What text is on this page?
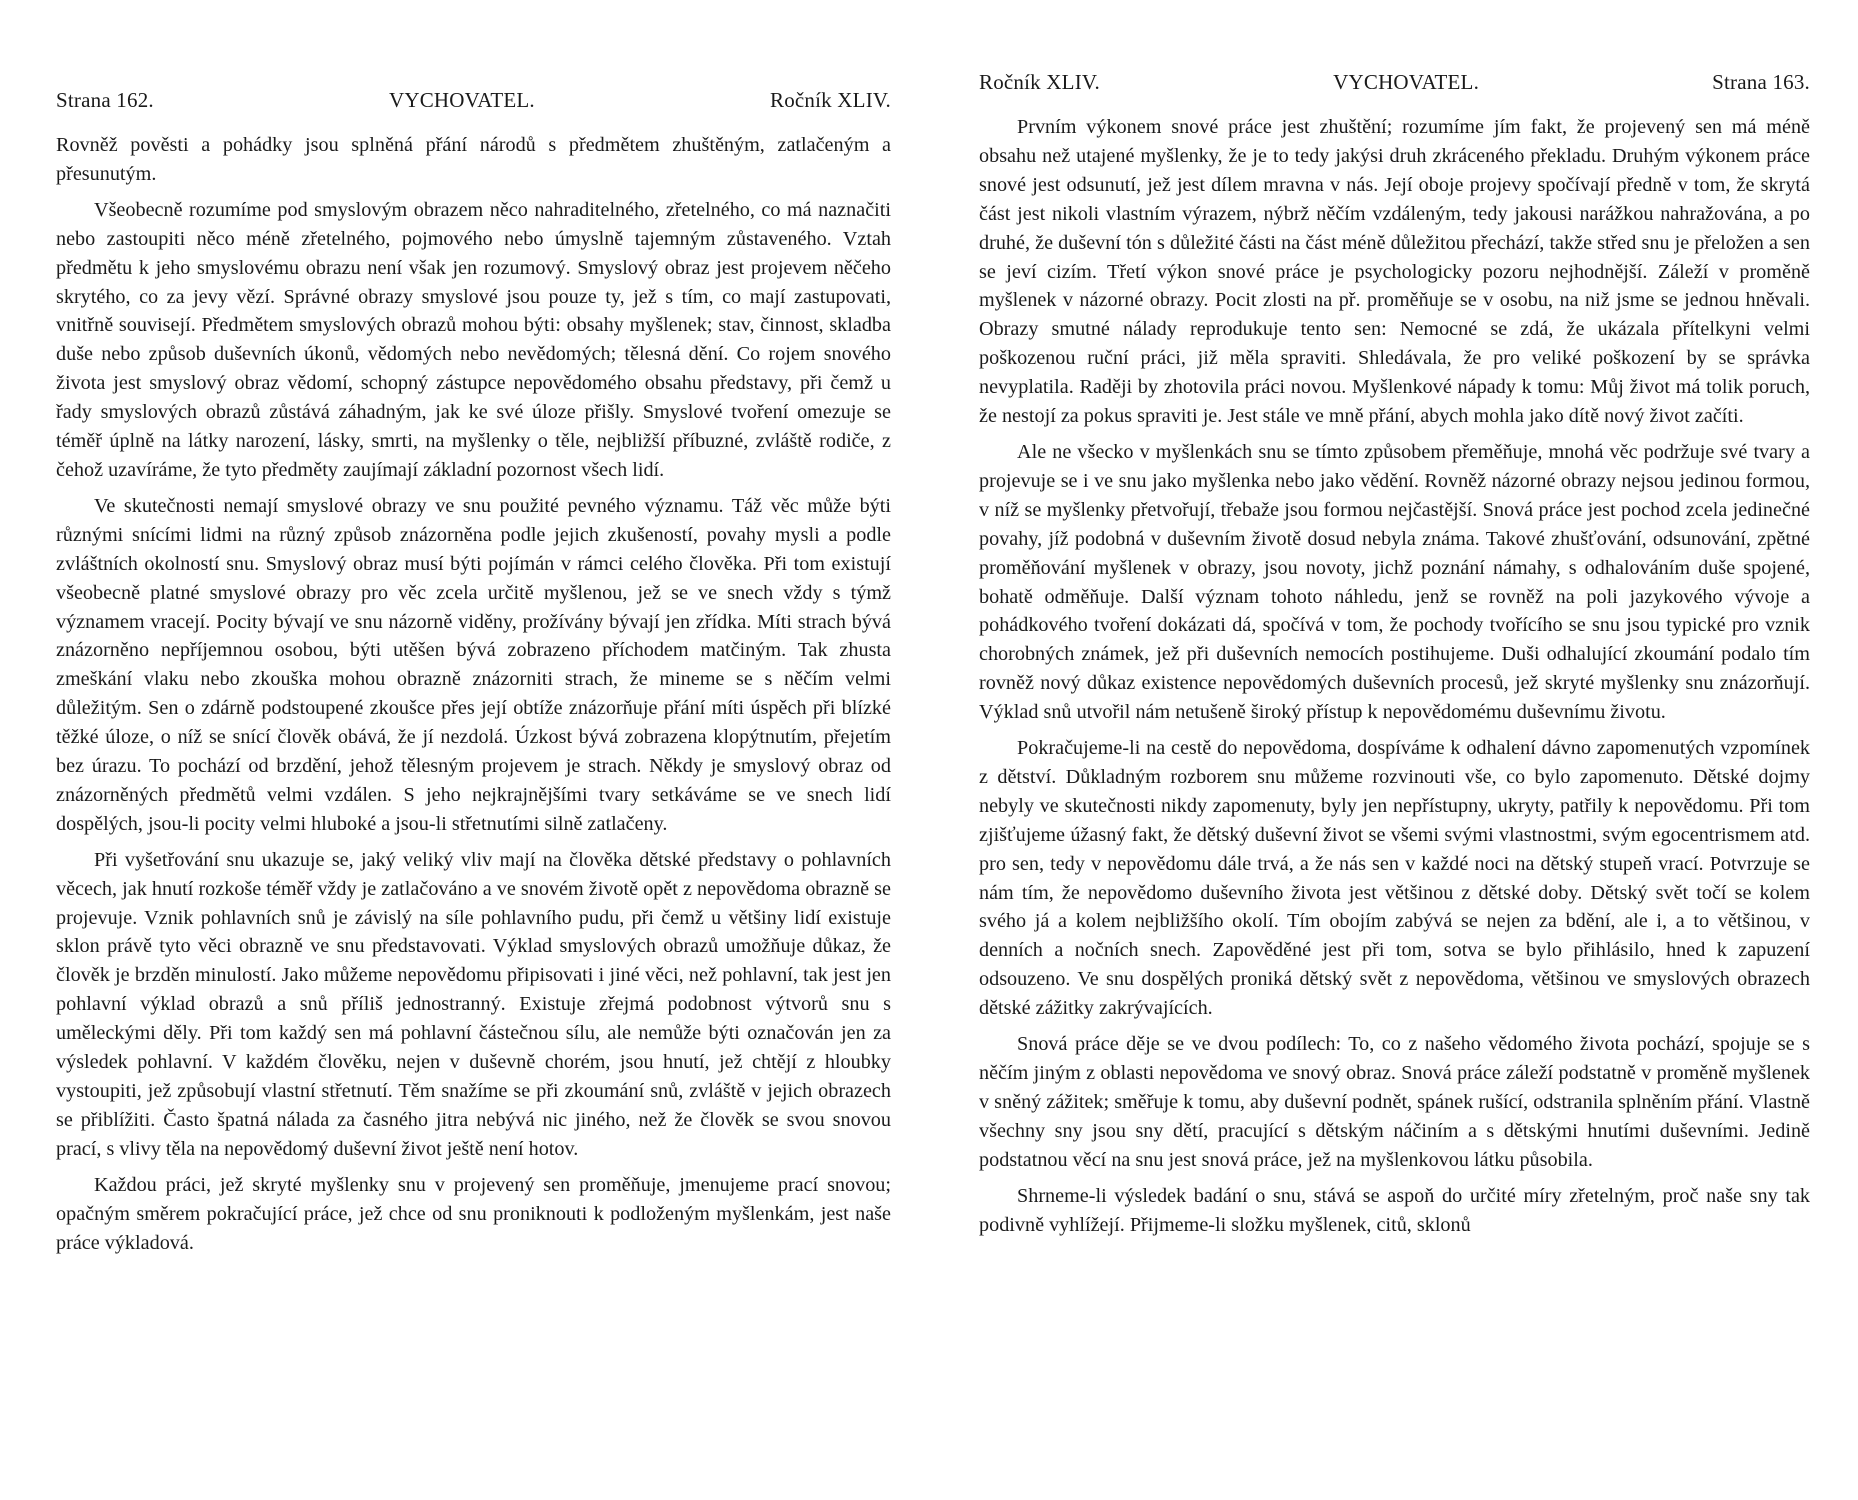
Strana 162.	VYCHOVATEL.	Ročník XLIV.

Rovněž pověsti a pohádky jsou splněná přání národů s předmětem zhuštěným, zatlačeným a přesunutým.

Všeobecně rozumíme pod smyslovým obrazem něco nahraditelného, zřetelného, co má naznačiti nebo zastoupiti něco méně zřetelného, pojmového nebo úmyslně tajemným zůstaveného. Vztah předmětu k jeho smyslovému obrazu není však jen rozumový. Smyslový obraz jest projevem něčeho skrytého, co za jevy vězí. Správné obrazy smyslové jsou pouze ty, jež s tím, co mají zastupovati, vnitřně souvisejí. Předmětem smyslových obrazů mohou býti: obsahy myšlenek; stav, činnost, skladba duše nebo způsob duševních úkonů, vědomých nebo nevědomých; tělesná dění. Co rojem snového života jest smyslový obraz vědomí, schopný zástupce nepovědomého obsahu představy, při čemž u řady smyslových obrazů zůstává záhadným, jak ke své úloze přišly. Smyslové tvoření omezuje se téměř úplně na látky narození, lásky, smrti, na myšlenky o těle, nejbližší příbuzné, zvláště rodiče, z čehož uzavíráme, že tyto předměty zaujímají základní pozornost všech lidí.

Ve skutečnosti nemají smyslové obrazy ve snu použité pevného významu. Táž věc může býti různými snícími lidmi na různý způsob znázorněna podle jejich zkušeností, povahy mysli a podle zvláštních okolností snu. Smyslový obraz musí býti pojímán v rámci celého člověka. Při tom existují všeobecně platné smyslové obrazy pro věc zcela určitě myšlenou, jež se ve snech vždy s týmž významem vracejí. Pocity bývají ve snu názorně viděny, prožívány bývají jen zřídka. Míti strach bývá znázorněno nepříjemnou osobou, býti utěšen bývá zobrazeno příchodem matčiným. Tak zhusta zmeškání vlaku nebo zkouška mohou obrazně znázorniti strach, že mineme se s něčím velmi důležitým. Sen o zdárně podstoupené zkoušce přes její obtíže znázorňuje přání míti úspěch při blízké těžké úloze, o níž se snící člověk obává, že jí nezdolá. Úzkost bývá zobrazena klopýtnutím, přejetím bez úrazu. To pochází od brzdění, jehož tělesným projevem je strach. Někdy je smyslový obraz od znázorněných předmětů velmi vzdálen. S jeho nejkrajnějšími tvary setkáváme se ve snech lidí dospělých, jsou-li pocity velmi hluboké a jsou-li střetnutími silně zatlačeny.

Při vyšetřování snu ukazuje se, jaký veliký vliv mají na člověka dětské představy o pohlavních věcech, jak hnutí rozkoše téměř vždy je zatlačováno a ve snovém životě opět z nepovědoma obrazně se projevuje. Vznik pohlavních snů je závislý na síle pohlavního pudu, při čemž u většiny lidí existuje sklon právě tyto věci obrazně ve snu představovati. Výklad smyslových obrazů umožňuje důkaz, že člověk je brzděn minulostí. Jako můžeme nepovědomu připisovati i jiné věci, než pohlavní, tak jest jen pohlavní výklad obrazů a snů příliš jednostranný. Existuje zřejmá podobnost výtvorů snu s uměleckými děly. Při tom každý sen má pohlavní částečnou sílu, ale nemůže býti označován jen za výsledek pohlavní. V každém člověku, nejen v duševně chorém, jsou hnutí, jež chtějí z hloubky vystoupiti, jež způsobují vlastní střetnutí. Těm snažíme se při zkoumání snů, zvláště v jejich obrazech se přiblížiti. Často špatná nálada za časného jitra nebývá nic jiného, než že člověk se svou snovou prací, s vlivy těla na nepovědomý duševní život ještě není hotov.

Každou práci, jež skryté myšlenky snu v projevený sen proměňuje, jmenujeme prací snovou; opačným směrem pokračující práce, jež chce od snu proniknouti k podloženým myšlenkám, jest naše práce výkladová.

Ročník XLIV.	VYCHOVATEL.	Strana 163.

Prvním výkonem snové práce jest zhuštění; rozumíme jím fakt, že projevený sen má méně obsahu než utajené myšlenky, že je to tedy jakýsi druh zkráceného překladu. Druhým výkonem práce snové jest odsunutí, jež jest dílem mravna v nás. Její oboje projevy spočívají předně v tom, že skrytá část jest nikoli vlastním výrazem, nýbrž něčím vzdáleným, tedy jakousi narážkou nahražována, a po druhé, že duševní tón s důležité části na část méně důležitou přechází, takže střed snu je přeložen a sen se jeví cizím. Třetí výkon snové práce je psychologicky pozoru nejhodnější. Záleží v proměně myšlenek v názorné obrazy. Pocit zlosti na př. proměňuje se v osobu, na niž jsme se jednou hněvali. Obrazy smutné nálady reprodukuje tento sen: Nemocné se zdá, že ukázala přítelkyni velmi poškozenou ruční práci, již měla spraviti. Shledávala, že pro veliké poškození by se správka nevyplatila. Raději by zhotovila práci novou. Myšlenkové nápady k tomu: Můj život má tolik poruch, že nestojí za pokus spraviti je. Jest stále ve mně přání, abych mohla jako dítě nový život začíti.

Ale ne všecko v myšlenkách snu se tímto způsobem přeměňuje, mnohá věc podržuje své tvary a projevuje se i ve snu jako myšlenka nebo jako vědění. Rovněž názorné obrazy nejsou jedinou formou, v níž se myšlenky přetvořují, třebaže jsou formou nejčastější. Snová práce jest pochod zcela jedinečné povahy, jíž podobná v duševním životě dosud nebyla známa. Takové zhušťování, odsunování, zpětné proměňování myšlenek v obrazy, jsou novoty, jichž poznání námahy, s odhalováním duše spojené, bohatě odměňuje. Další význam tohoto náhledu, jenž se rovněž na poli jazykového vývoje a pohádkového tvoření dokázati dá, spočívá v tom, že pochody tvořícího se snu jsou typické pro vznik chorobných známek, jež při duševních nemocích postihujeme. Duši odhalující zkoumání podalo tím rovněž nový důkaz existence nepovědomých duševních procesů, jež skryté myšlenky snu znázorňují. Výklad snů utvořil nám netušeně široký přístup k nepovědomému duševnímu životu.

Pokračujeme-li na cestě do nepovědoma, dospíváme k odhalení dávno zapomenutých vzpomínek z dětství. Důkladným rozborem snu můžeme rozvinouti vše, co bylo zapomenuto. Dětské dojmy nebyly ve skutečnosti nikdy zapomenuty, byly jen nepřístupny, ukryty, patřily k nepovědomu. Při tom zjišťujeme úžasný fakt, že dětský duševní život se všemi svými vlastnostmi, svým egocentrismem atd. pro sen, tedy v nepovědomu dále trvá, a že nás sen v každé noci na dětský stupeň vrací. Potvrzuje se nám tím, že nepovědomo duševního života jest většinou z dětské doby. Dětský svět točí se kolem svého já a kolem nejbližšího okolí. Tím obojím zabývá se nejen za bdění, ale i, a to většinou, v denních a nočních snech. Zapověděné jest při tom, sotva se bylo přihlásilo, hned k zapuzení odsouzeno. Ve snu dospělých proniká dětský svět z nepovědoma, většinou ve smyslových obrazech dětské zážitky zakrývajících.

Snová práce děje se ve dvou podílech: To, co z našeho vědomého života pochází, spojuje se s něčím jiným z oblasti nepovědoma ve snový obraz. Snová práce záleží podstatně v proměně myšlenek v sněný zážitek; směřuje k tomu, aby duševní podnět, spánek rušící, odstranila splněním přání. Vlastně všechny sny jsou sny dětí, pracující s dětským náčiním a s dětskými hnutími duševními. Jedině podstatnou věcí na snu jest snová práce, jež na myšlenkovou látku působila.

Shrneme-li výsledek badání o snu, stává se aspoň do určité míry zřetelným, proč naše sny tak podivně vyhlížejí. Přijmeme-li složku myšlenek, citů, sklonů
